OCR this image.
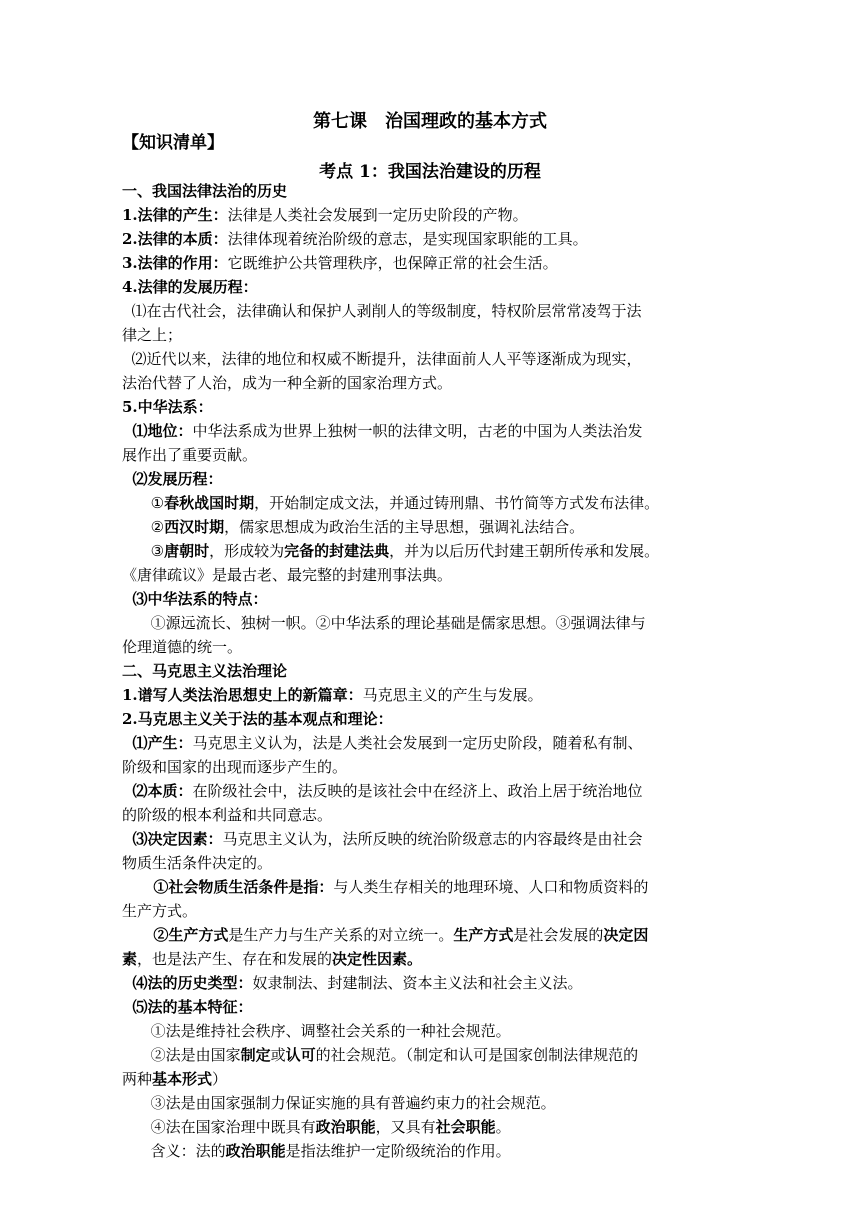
第七课　治国理政的基本方式
考点 1：我国法治建设的历程
【知识清单】
一、我国法律法治的历史
1.法律的产生：法律是人类社会发展到一定历史阶段的产物。
2.法律的本质：法律体现着统治阶级的意志，是实现国家职能的工具。
3.法律的作用：它既维护公共管理秩序，也保障正常的社会生活。
4.法律的发展历程：
⑴在古代社会，法律确认和保护人剥削人的等级制度，特权阶层常常凌驾于法
律之上；
⑵近代以来，法律的地位和权威不断提升，法律面前人人平等逐渐成为现实，
法治代替了人治，成为一种全新的国家治理方式。
5.中华法系：
⑴地位：中华法系成为世界上独树一帜的法律文明，古老的中国为人类法治发
展作出了重要贡献。
⑵发展历程：
①春秋战国时期，开始制定成文法，并通过铸刑鼎、书竹简等方式发布法律。
②西汉时期，儒家思想成为政治生活的主导思想，强调礼法结合。
③唐朝时，形成较为完备的封建法典，并为以后历代封建王朝所传承和发展。
《唐律疏议》是最古老、最完整的封建刑事法典。
⑶中华法系的特点：
①源远流长、独树一帜。②中华法系的理论基础是儒家思想。③强调法律与
伦理道德的统一。
二、马克思主义法治理论
1.谱写人类法治思想史上的新篇章：马克思主义的产生与发展。
2.马克思主义关于法的基本观点和理论：
⑴产生：马克思主义认为，法是人类社会发展到一定历史阶段，随着私有制、
阶级和国家的出现而逐步产生的。
⑵本质：在阶级社会中，法反映的是该社会中在经济上、政治上居于统治地位
的阶级的根本利益和共同意志。
⑶决定因素：马克思主义认为，法所反映的统治阶级意志的内容最终是由社会
物质生活条件决定的。
①社会物质生活条件是指：与人类生存相关的地理环境、人口和物质资料的
生产方式。
②生产方式是生产力与生产关系的对立统一。生产方式是社会发展的决定因
素，也是法产生、存在和发展的决定性因素。
⑷法的历史类型：奴隶制法、封建制法、资本主义法和社会主义法。
⑸法的基本特征：
①法是维持社会秩序、调整社会关系的一种社会规范。
②法是由国家制定或认可的社会规范。（制定和认可是国家创制法律规范的
两种基本形式）
③法是由国家强制力保证实施的具有普遍约束力的社会规范。
④法在国家治理中既具有政治职能，又具有社会职能。
含义：法的政治职能是指法维护一定阶级统治的作用。
